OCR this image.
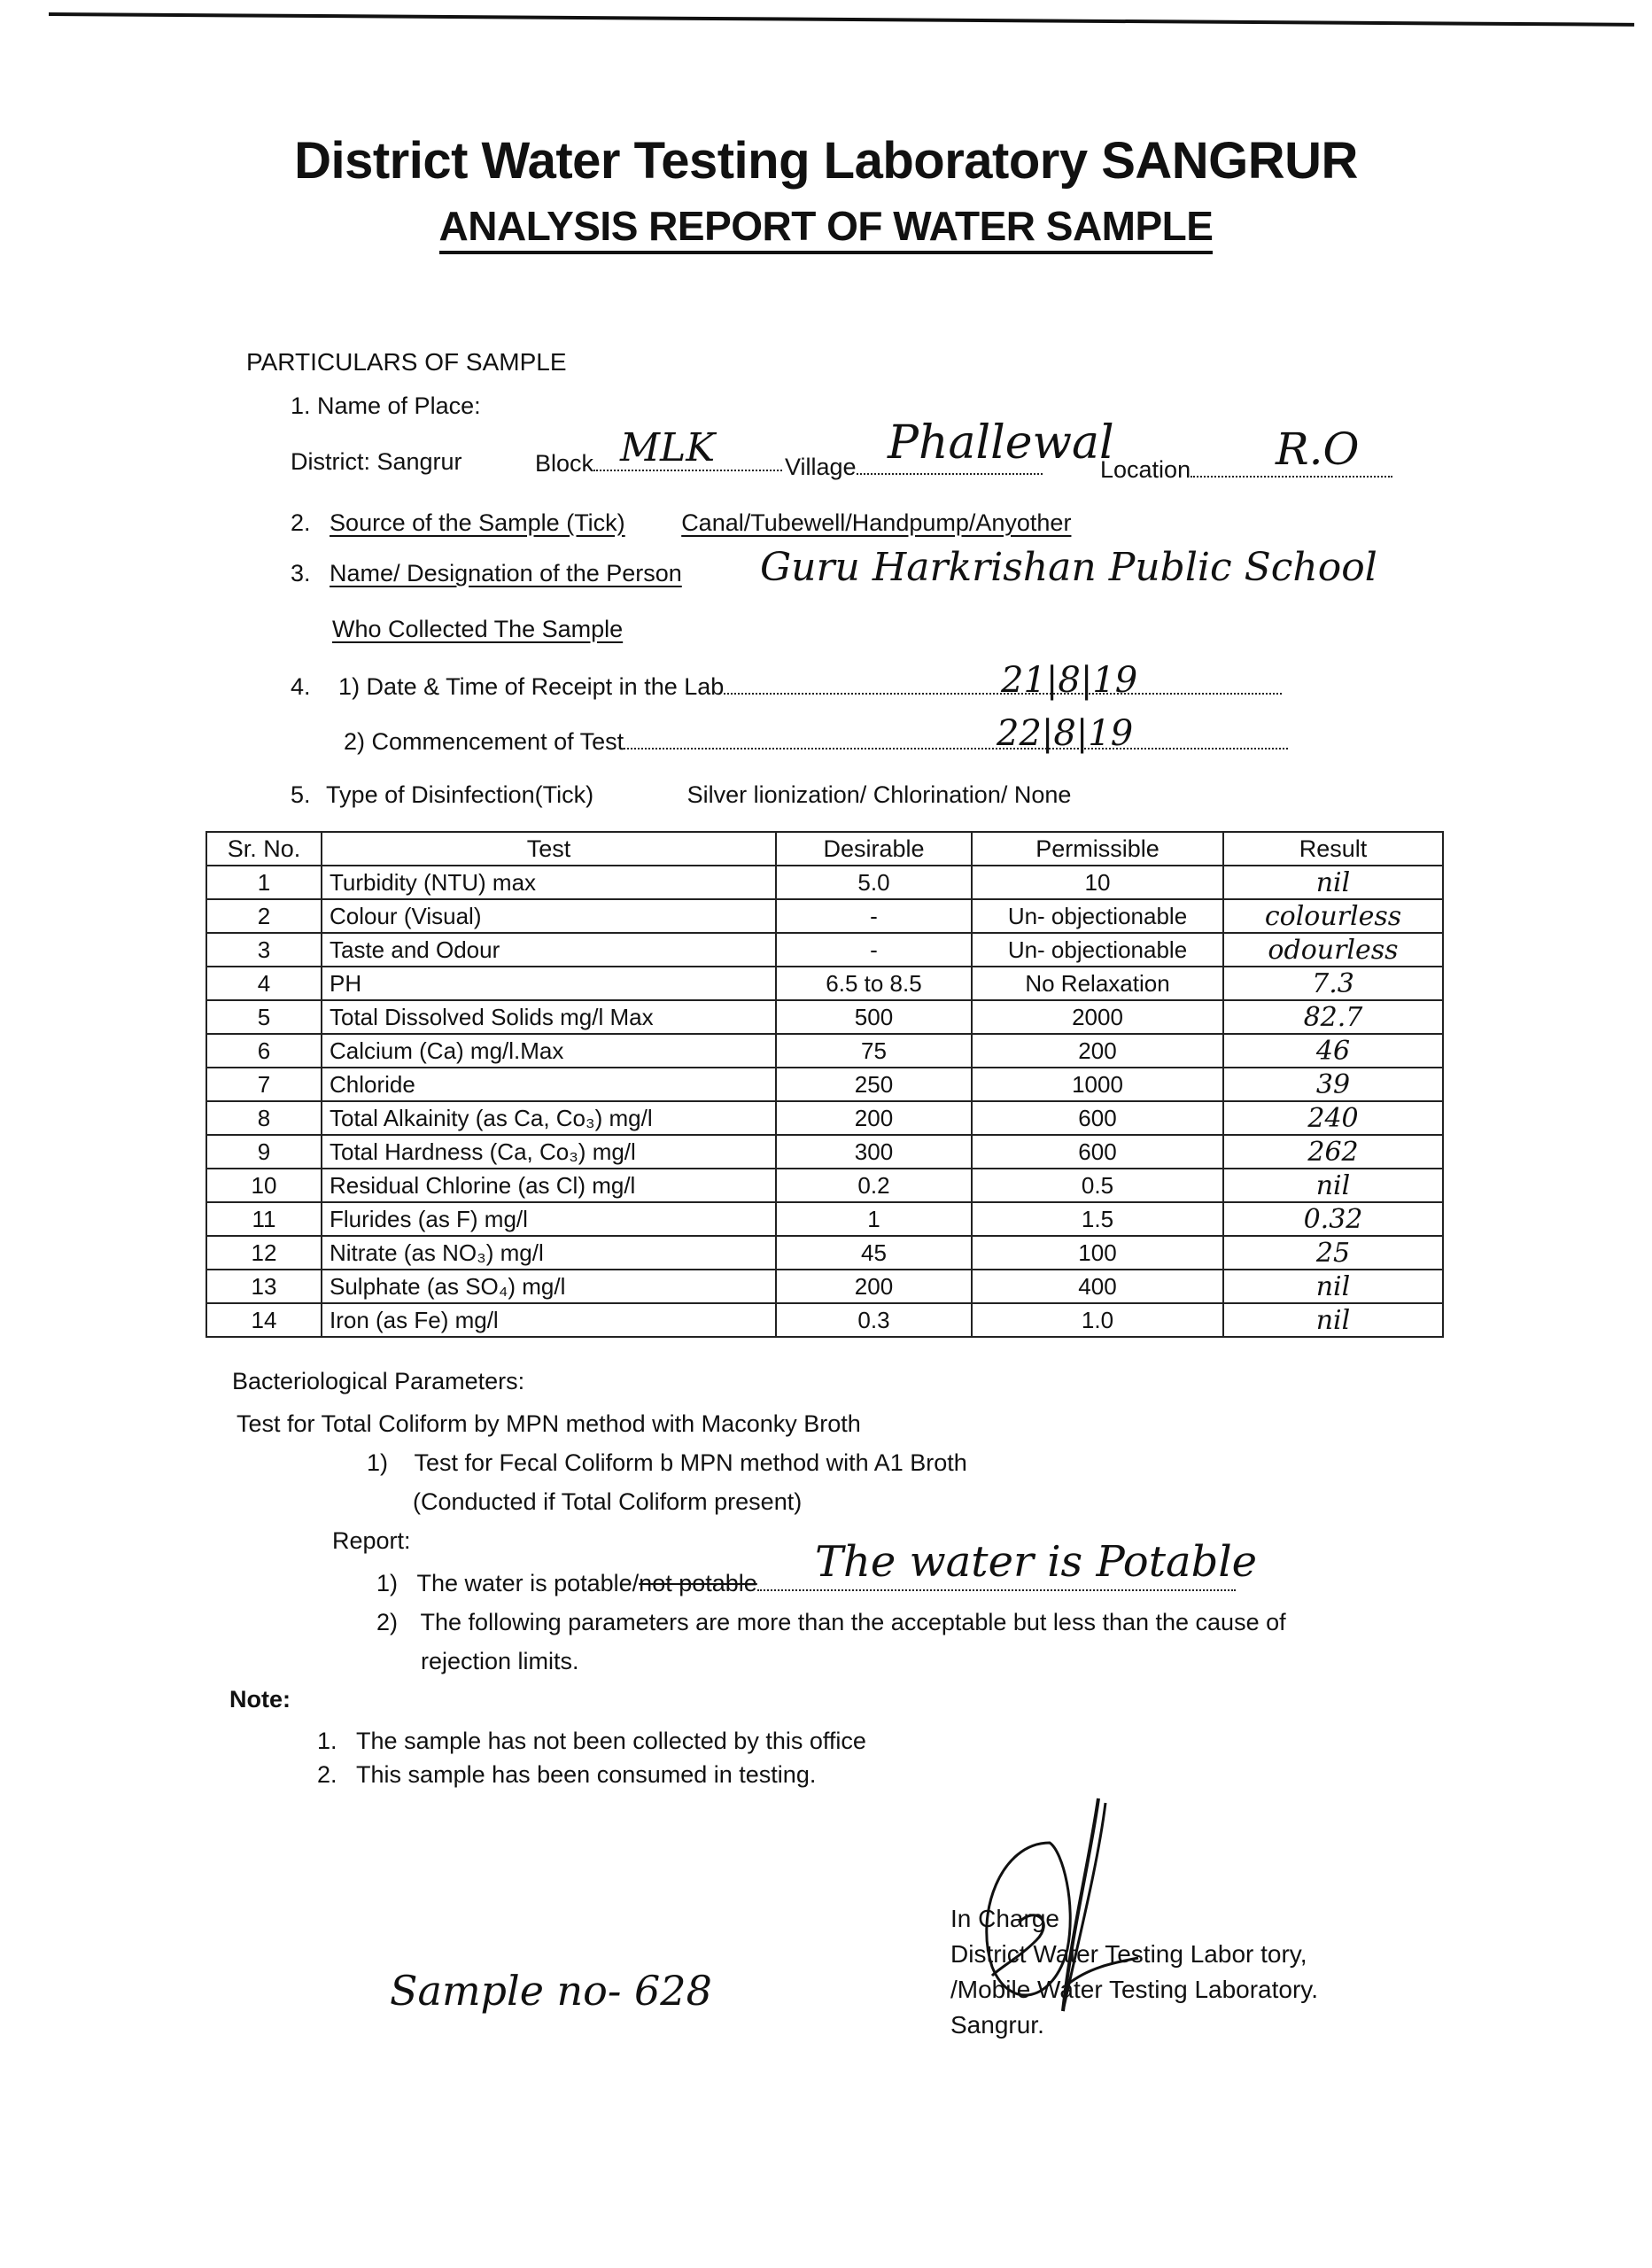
District Water Testing Laboratory SANGRUR
ANALYSIS REPORT OF WATER SAMPLE
PARTICULARS OF SAMPLE
1. Name of Place:
District: Sangrur	Block MLK	Village Phallewal
Location	R.O
2. Source of the Sample (Tick) Canal/Tubewell/Handpump/Anyother
3. Name/ Designation of the Person Guru Harkrishan Public School
Who Collected The Sample
4. 1) Date & Time of Receipt in the Lab	21|8|19
2) Commencement of Test	22|8|19
5. Type of Disinfection(Tick)	Silver lionization/ Chlorination/ None
Sr. No.	Test	Desirable	Permissible	Result
1	Turbidity (NTU) max	5.0	10	nil
2	Colour (Visual)	-	Un- objectionable	colourless
3	Taste and Odour	-	Un- objectionable	odourless
4	PH	6.5 to 8.5	No Relaxation	7.3
5	Total Dissolved Solids mg/l Max	500	2000	82.7
6	Calcium (Ca) mg/l.Max	75	200	46
7	Chloride	250	1000	39
8	Total Alkainity (as Ca, Co₃) mg/l	200	600	240
9	Total Hardness (Ca, Co₃) mg/l	300	600	262
10	Residual Chlorine (as Cl) mg/l	0.2	0.5	nil
11	Flurides (as F) mg/l	1	1.5	0.32
12	Nitrate (as NO₃) mg/l	45	100	25
13	Sulphate (as SO₄) mg/l	200	400	nil
14	Iron (as Fe) mg/l	0.3	1.0	nil
Bacteriological Parameters:
Test for Total Coliform by MPN method with Maconky Broth
1) Test for Fecal Coliform b MPN method with A1 Broth
(Conducted if Total Coliform present)
Report:
1) The water is potable/not potable	The water is Potable
2) The following parameters are more than the acceptable but less than the cause of
rejection limits.
Note:
1. The sample has not been collected by this office
2. This sample has been consumed in testing.
Sample no- 628
In Charge
District Water Testing Labor tory,
/Mobile Water Testing Laboratory.
Sangrur.
